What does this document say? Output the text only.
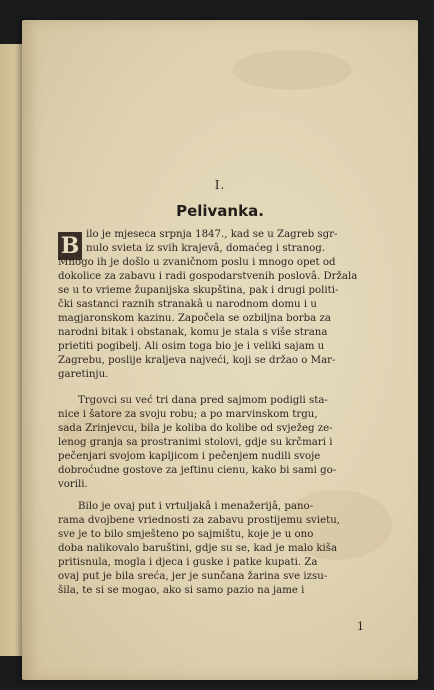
I.
Pelivanka.
B ilo je mjeseca srpnja 1847., kad se u Zagreb sgr-
nulo svieta iz svih krajevâ, domaćeg i stranog.
Mnogo ih je došlo u zvaničnom poslu i mnogo opet od
dokolice za zabavu i radi gospodarstvenih poslovâ. Držala
se u to vrieme županijska skupština, pak i drugi politi-
čki sastanci raznih stranakâ u narodnom domu i u
magjaronskom kazinu. Započela se ozbiljna borba za
narodni bitak i obstanak, komu je stala s više strana
prietiti pogibelj. Ali osim toga bio je i veliki sajam u
Zagrebu, poslije kraljeva najveći, koji se držao o Mar-
garetinju.
Trgovci su već tri dana pred sajmom podigli sta-
nice i šatore za svoju robu; a po marvinskom trgu,
sada Zrinjevcu, bila je koliba do kolibe od svježeg ze-
lenog granja sa prostranimi stolovi, gdje su krčmari i
pečenjari svojom kapljicom i pečenjem nudili svoje
dobroćudne gostove za jeftinu cienu, kako bi sami go-
vorili.
Bilo je ovaj put i vrtuljakâ i menažerijâ, pano-
rama dvojbene vriednosti za zabavu prostijemu svietu,
sve je to bilo smješteno po sajmištu, koje je u ono
doba nalikovalo baruštini, gdje su se, kad je malo kiša
pritisnula, mogla i djeca i guske i patke kupati. Za
ovaj put je bila sreća, jer je sunčana žarina sve izsu-
šila, te si se mogao, ako si samo pazio na jame i
1
